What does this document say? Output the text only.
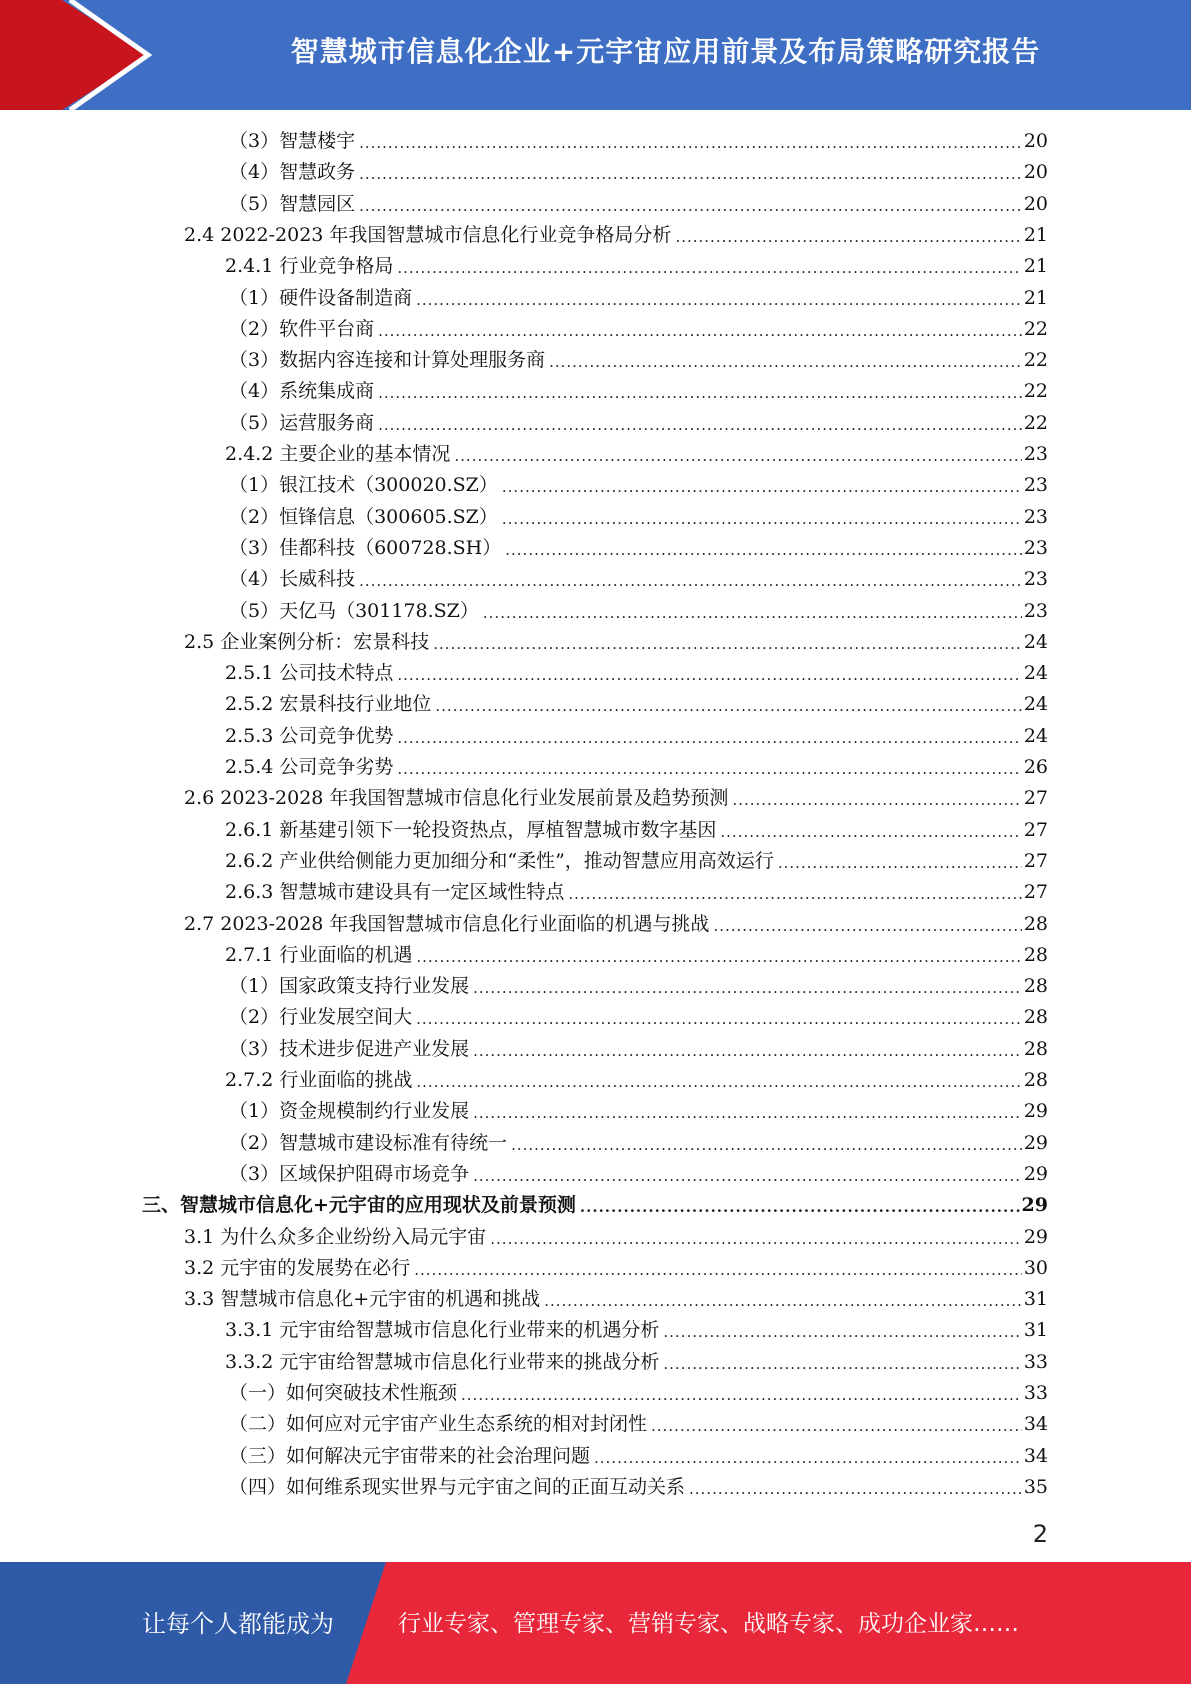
智慧城市信息化企业+元宇宙应用前景及布局策略研究报告
（3）智慧楼宇 .....	20
（4）智慧政务 .....	20
（5）智慧园区 .....	20
2.4 2022-2023 年我国智慧城市信息化行业竞争格局分析 .....	21
2.4.1 行业竞争格局 .....	21
（1）硬件设备制造商 .....	21
（2）软件平台商 .....	22
（3）数据内容连接和计算处理服务商 .....	22
（4）系统集成商 .....	22
（5）运营服务商 .....	22
2.4.2 主要企业的基本情况 .....	23
（1）银江技术（300020.SZ） .....	23
（2）恒锋信息（300605.SZ） .....	23
（3）佳都科技（600728.SH） .....	23
（4）长威科技 .....	23
（5）天亿马（301178.SZ） .....	23
2.5 企业案例分析：宏景科技 .....	24
2.5.1 公司技术特点 .....	24
2.5.2 宏景科技行业地位 .....	24
2.5.3 公司竞争优势 .....	24
2.5.4 公司竞争劣势 .....	26
2.6 2023-2028 年我国智慧城市信息化行业发展前景及趋势预测 .....	27
2.6.1 新基建引领下一轮投资热点，厚植智慧城市数字基因 .....	27
2.6.2 产业供给侧能力更加细分和“柔性”，推动智慧应用高效运行 .....	27
2.6.3 智慧城市建设具有一定区域性特点 .....	27
2.7 2023-2028 年我国智慧城市信息化行业面临的机遇与挑战 .....	28
2.7.1 行业面临的机遇 .....	28
（1）国家政策支持行业发展 .....	28
（2）行业发展空间大 .....	28
（3）技术进步促进产业发展 .....	28
2.7.2 行业面临的挑战 .....	28
（1）资金规模制约行业发展 .....	29
（2）智慧城市建设标准有待统一 .....	29
（3）区域保护阻碍市场竞争 .....	29
三、智慧城市信息化+元宇宙的应用现状及前景预测 .....	29
3.1 为什么众多企业纷纷入局元宇宙 .....	29
3.2 元宇宙的发展势在必行 .....	30
3.3 智慧城市信息化+元宇宙的机遇和挑战 .....	31
3.3.1 元宇宙给智慧城市信息化行业带来的机遇分析 .....	31
3.3.2 元宇宙给智慧城市信息化行业带来的挑战分析 .....	33
（一）如何突破技术性瓶颈 .....	33
（二）如何应对元宇宙产业生态系统的相对封闭性 .....	34
（三）如何解决元宇宙带来的社会治理问题 .....	34
（四）如何维系现实世界与元宇宙之间的正面互动关系 .....	35
2
让每个人都能成为	行业专家、管理专家、营销专家、战略专家、成功企业家……
